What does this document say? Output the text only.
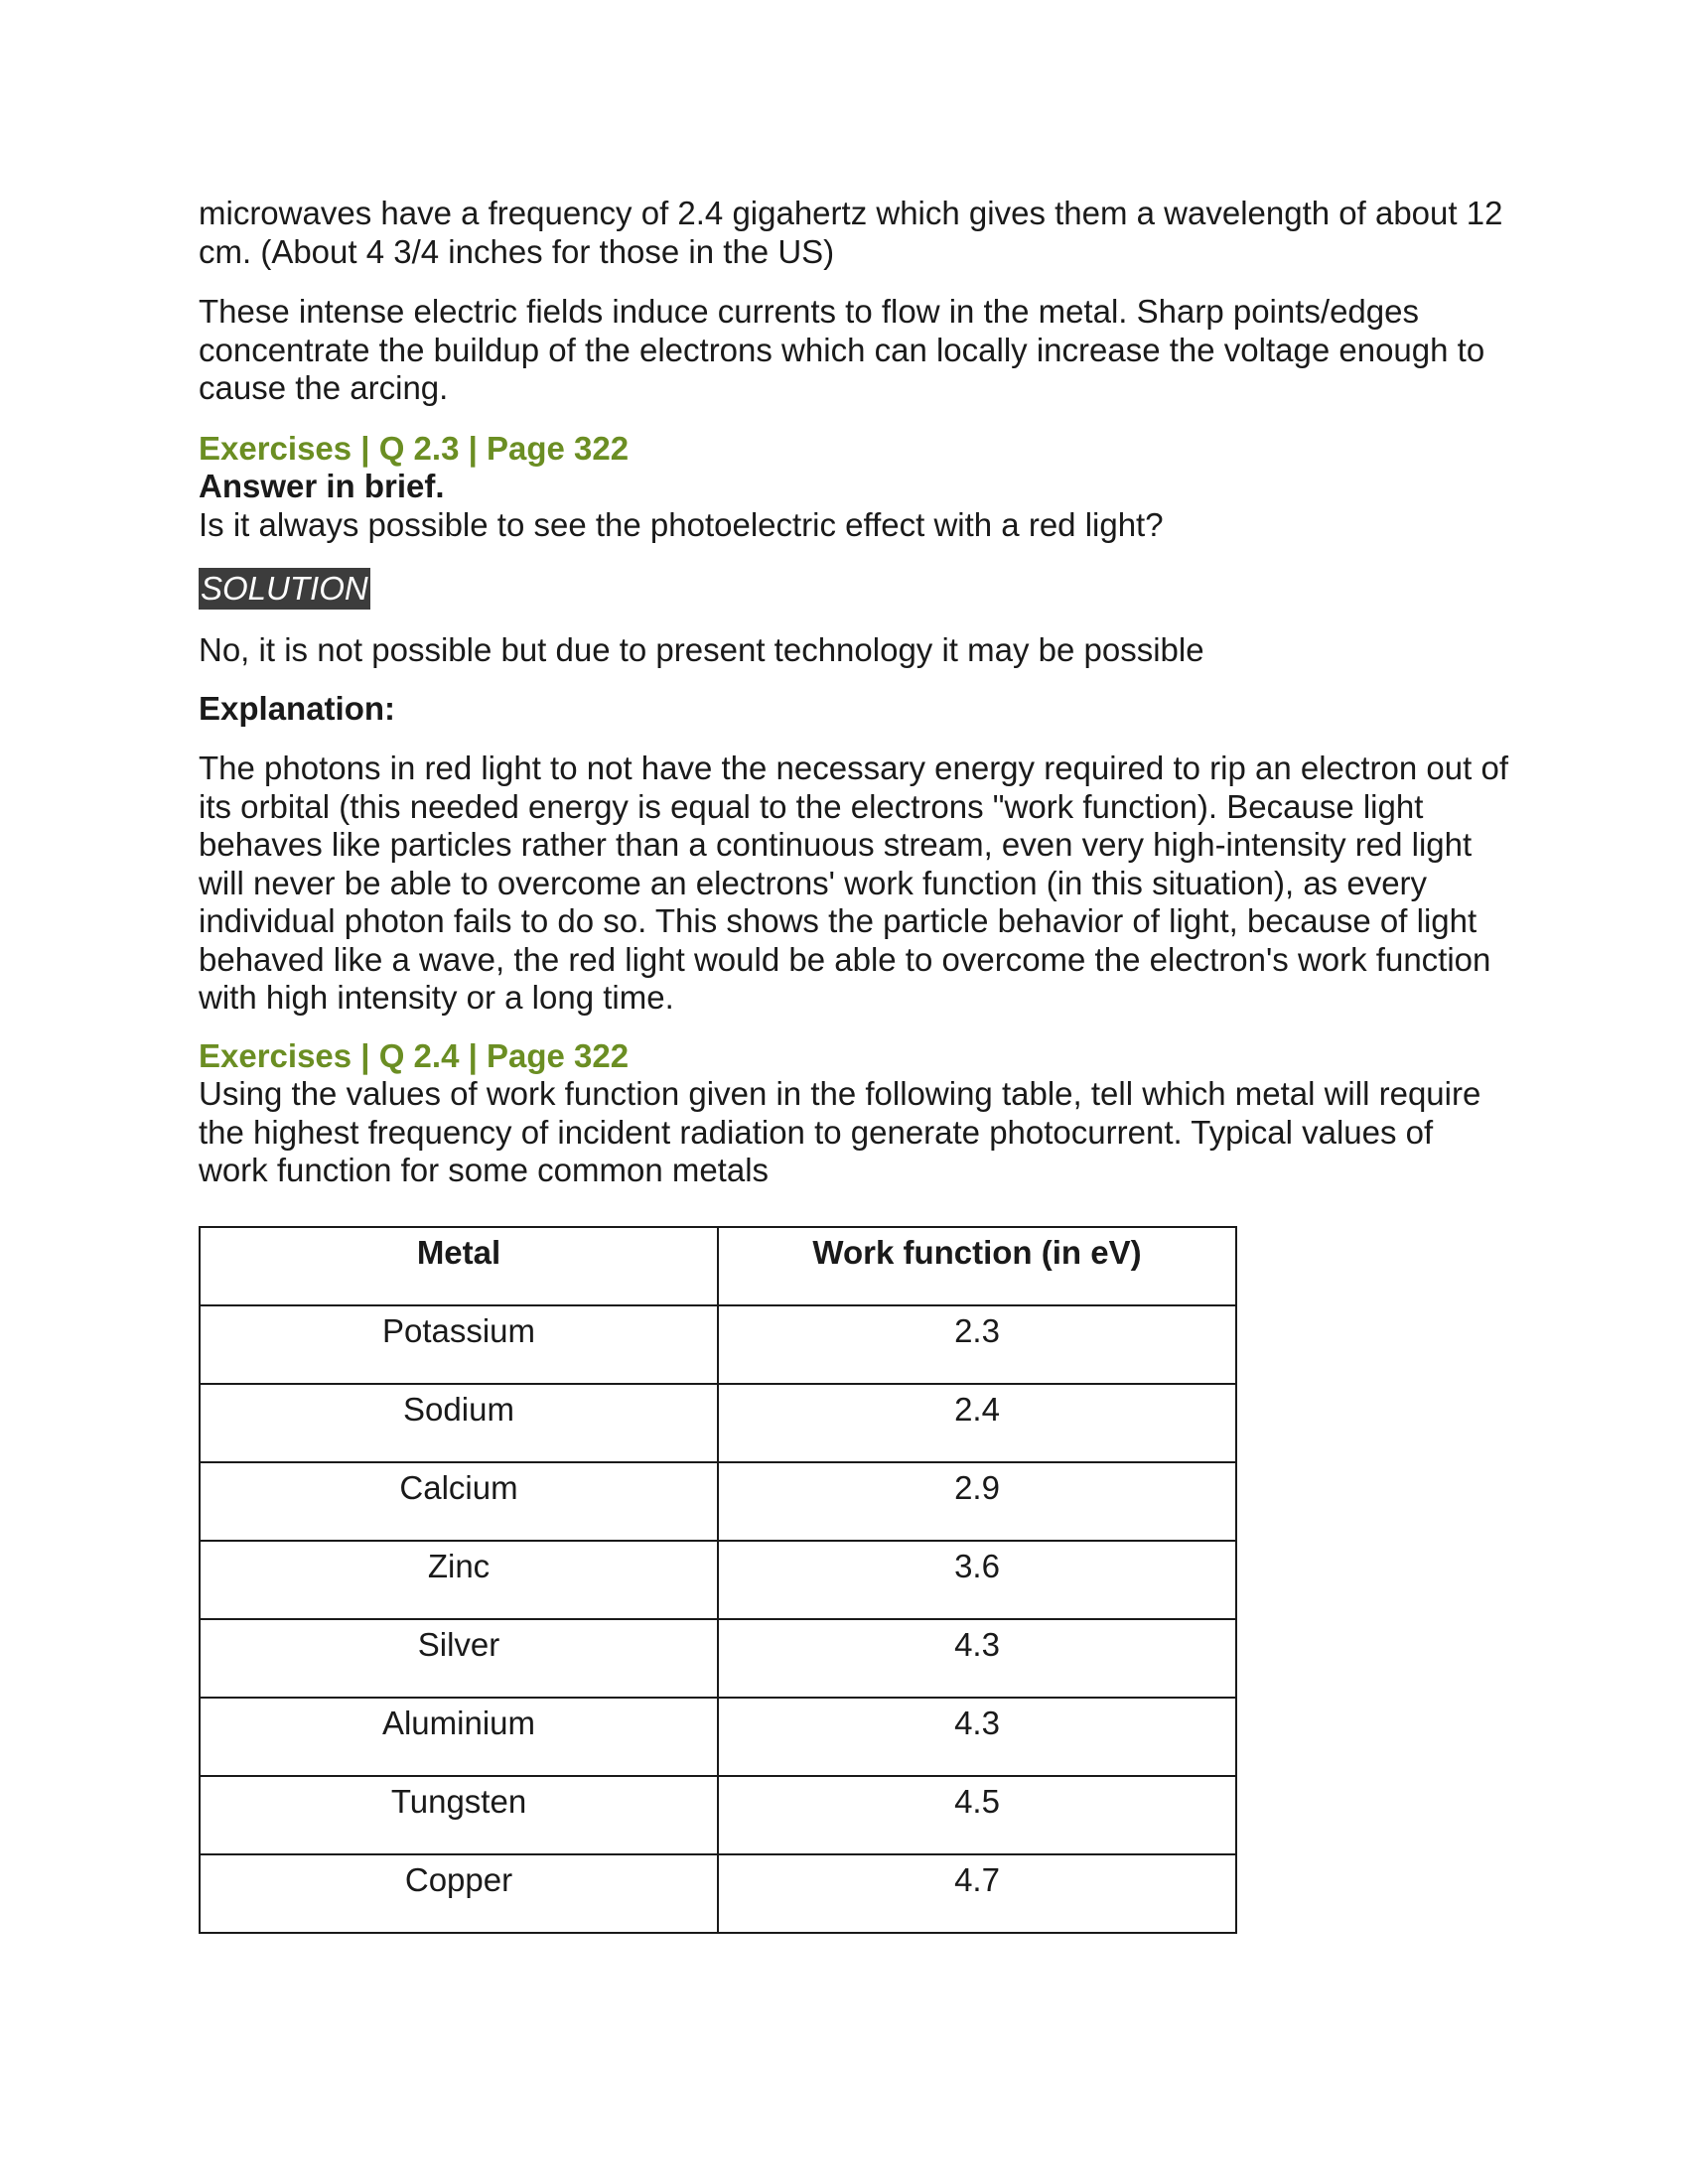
microwaves have a frequency of 2.4 gigahertz which gives them a wavelength of about 12 cm. (About 4 3/4 inches for those in the US)

These intense electric fields induce currents to flow in the metal. Sharp points/edges concentrate the buildup of the electrons which can locally increase the voltage enough to cause the arcing.

Exercises | Q 2.3 | Page 322
Answer in brief.

Is it always possible to see the photoelectric effect with a red light?

SOLUTION

No, it is not possible but due to present technology it may be possible

Explanation:

The photons in red light to not have the necessary energy required to rip an electron out of its orbital (this needed energy is equal to the electrons "work function). Because light behaves like particles rather than a continuous stream, even very high-intensity red light will never be able to overcome an electrons' work function (in this situation), as every individual photon fails to do so. This shows the particle behavior of light, because of light behaved like a wave, the red light would be able to overcome the electron's work function with high intensity or a long time.

Exercises | Q 2.4 | Page 322

Using the values of work function given in the following table, tell which metal will require the highest frequency of incident radiation to generate photocurrent. Typical values of work function for some common metals

Metal	Work function (in eV)
Potassium	2.3
Sodium	2.4
Calcium	2.9
Zinc	3.6
Silver	4.3
Aluminium	4.3
Tungsten	4.5
Copper	4.7
